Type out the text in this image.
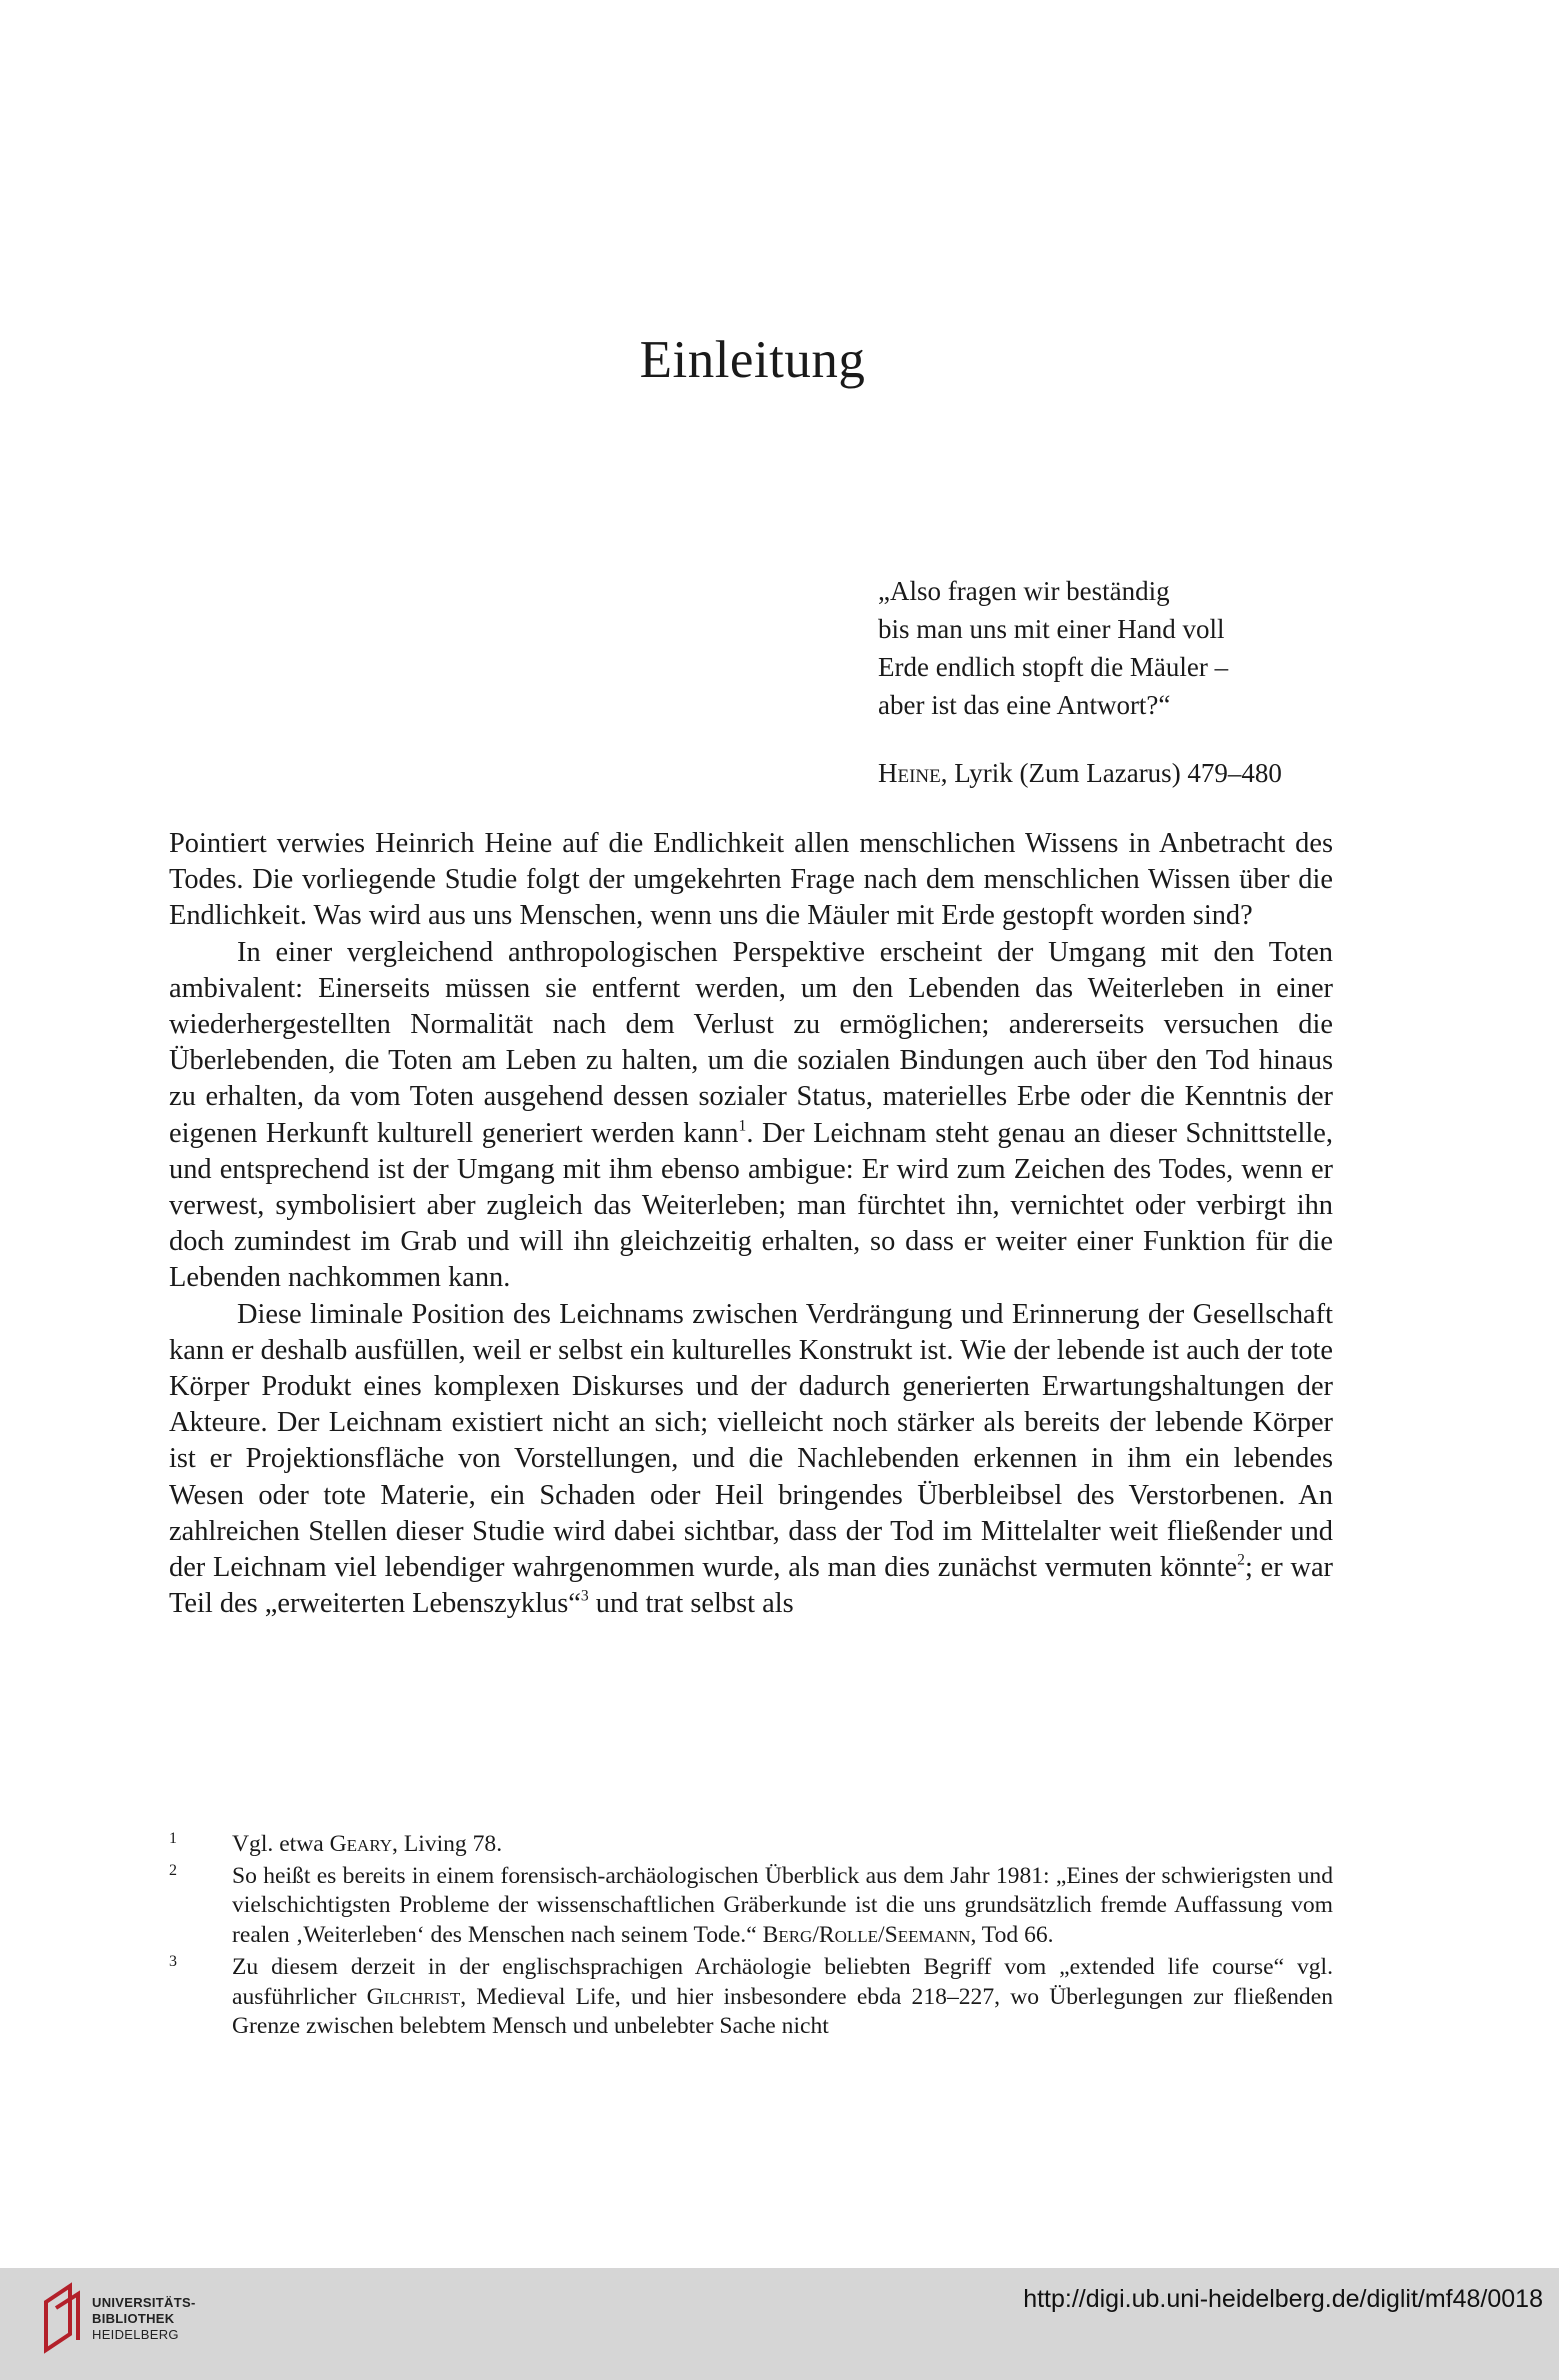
Einleitung
„Also fragen wir beständig
bis man uns mit einer Hand voll
Erde endlich stopft die Mäuler –
aber ist das eine Antwort?“
Heine, Lyrik (Zum Lazarus) 479–480

Pointiert verwies Heinrich Heine auf die Endlichkeit allen menschlichen Wissens in Anbetracht des Todes. Die vorliegende Studie folgt der umgekehrten Frage nach dem menschlichen Wissen über die Endlichkeit. Was wird aus uns Menschen, wenn uns die Mäuler mit Erde gestopft worden sind?

In einer vergleichend anthropologischen Perspektive erscheint der Umgang mit den Toten ambivalent: Einerseits müssen sie entfernt werden, um den Lebenden das Weiterleben in einer wiederhergestellten Normalität nach dem Verlust zu ermöglichen; andererseits versuchen die Überlebenden, die Toten am Leben zu halten, um die sozialen Bindungen auch über den Tod hinaus zu erhalten, da vom Toten ausgehend dessen sozialer Status, materielles Erbe oder die Kenntnis der eigenen Herkunft kulturell generiert werden kann$^1$. Der Leichnam steht genau an dieser Schnittstelle, und entsprechend ist der Umgang mit ihm ebenso ambigue: Er wird zum Zeichen des Todes, wenn er verwest, symbolisiert aber zugleich das Weiterleben; man fürchtet ihn, vernichtet oder verbirgt ihn doch zumindest im Grab und will ihn gleichzeitig erhalten, so dass er weiter einer Funktion für die Lebenden nachkommen kann.

Diese liminale Position des Leichnams zwischen Verdrängung und Erinnerung der Gesellschaft kann er deshalb ausfüllen, weil er selbst ein kulturelles Konstrukt ist. Wie der lebende ist auch der tote Körper Produkt eines komplexen Diskurses und der dadurch generierten Erwartungshaltungen der Akteure. Der Leichnam existiert nicht an sich; vielleicht noch stärker als bereits der lebende Körper ist er Projektionsfläche von Vorstellungen, und die Nachlebenden erkennen in ihm ein lebendes Wesen oder tote Materie, ein Schaden oder Heil bringendes Überbleibsel des Verstorbenen. An zahlreichen Stellen dieser Studie wird dabei sichtbar, dass der Tod im Mittelalter weit fließender und der Leichnam viel lebendiger wahrgenommen wurde, als man dies zunächst vermuten könnte$^2$; er war Teil des „erweiterten Lebenszyklus“$^3$ und trat selbst als

1 Vgl. etwa Geary, Living 78.
2 So heißt es bereits in einem forensisch-archäologischen Überblick aus dem Jahr 1981: „Eines der schwierigsten und vielschichtigsten Probleme der wissenschaftlichen Gräberkunde ist die uns grundsätzlich fremde Auffassung vom realen ‚Weiterleben‘ des Menschen nach seinem Tode.“ Berg/Rolle/Seemann, Tod 66.
3 Zu diesem derzeit in der englischsprachigen Archäologie beliebten Begriff vom „extended life course“ vgl. ausführlicher Gilchrist, Medieval Life, und hier insbesondere ebda 218–227, wo Überlegungen zur fließenden Grenze zwischen belebtem Mensch und unbelebter Sache nicht
UNIVERSITÄTS-
BIBLIOTHEK
HEIDELBERG
http://digi.ub.uni-heidelberg.de/diglit/mf48/0018
